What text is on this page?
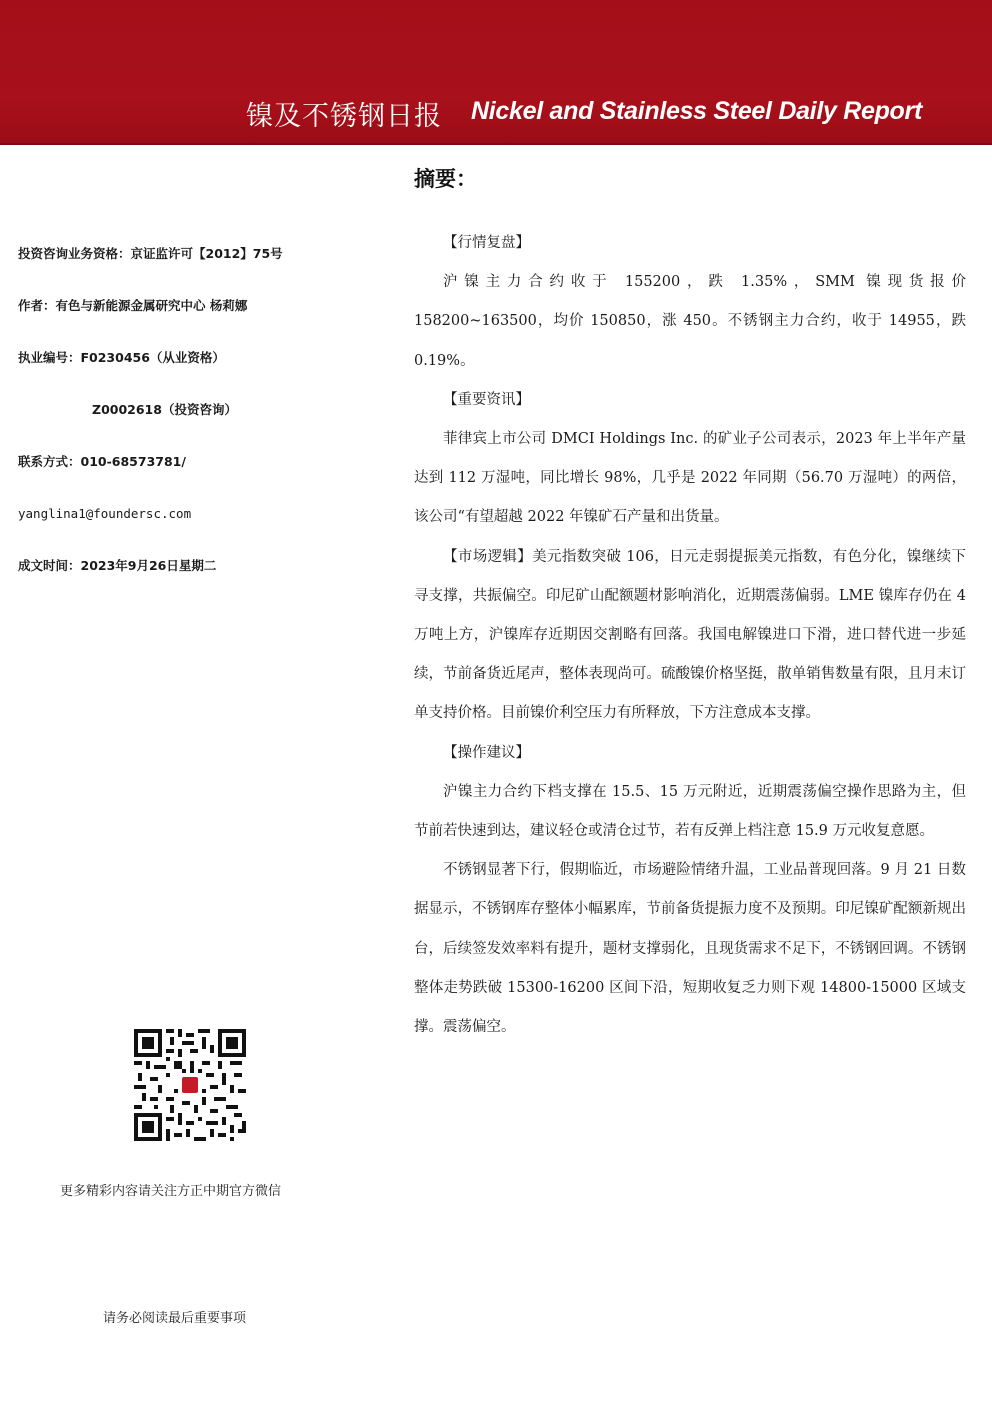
镍及不锈钢日报 Nickel and Stainless Steel Daily Report
摘要：
投资咨询业务资格：京证监许可【2012】75号
作者：有色与新能源金属研究中心 杨莉娜
执业编号：F0230456（从业资格）
Z0002618（投资咨询）
联系方式：010-68573781/
yanglina1@foundersc.com
成文时间：2023年9月26日星期二
更多精彩内容请关注方正中期官方微信
请务必阅读最后重要事项
【行情复盘】

沪镍主力合约收于 155200，跌 1.35%，SMM 镍现货报价 158200~163500，均价 150850，涨 450。不锈钢主力合约，收于 14955，跌 0.19%。

【重要资讯】

菲律宾上市公司 DMCI Holdings Inc. 的矿业子公司表示，2023 年上半年产量达到 112 万湿吨，同比增长 98%，几乎是 2022 年同期（56.70 万湿吨）的两倍，该公司“有望超越 2022 年镍矿石产量和出货量。

【市场逻辑】美元指数突破 106，日元走弱提振美元指数，有色分化，镍继续下寻支撑，共振偏空。印尼矿山配额题材影响消化，近期震荡偏弱。LME 镍库存仍在 4 万吨上方，沪镍库存近期因交割略有回落。我国电解镍进口下滑，进口替代进一步延续，节前备货近尾声，整体表现尚可。硫酸镍价格坚挺，散单销售数量有限，且月末订单支持价格。目前镍价利空压力有所释放，下方注意成本支撑。

【操作建议】

沪镍主力合约下档支撑在 15.5、15 万元附近，近期震荡偏空操作思路为主，但节前若快速到达，建议轻仓或清仓过节，若有反弹上档注意 15.9 万元收复意愿。

不锈钢显著下行，假期临近，市场避险情绪升温，工业品普现回落。9 月 21 日数据显示，不锈钢库存整体小幅累库，节前备货提振力度不及预期。印尼镍矿配额新规出台，后续签发效率料有提升，题材支撑弱化，且现货需求不足下，不锈钢回调。不锈钢整体走势跌破 15300-16200 区间下沿，短期收复乏力则下观 14800-15000 区域支撑。震荡偏空。
